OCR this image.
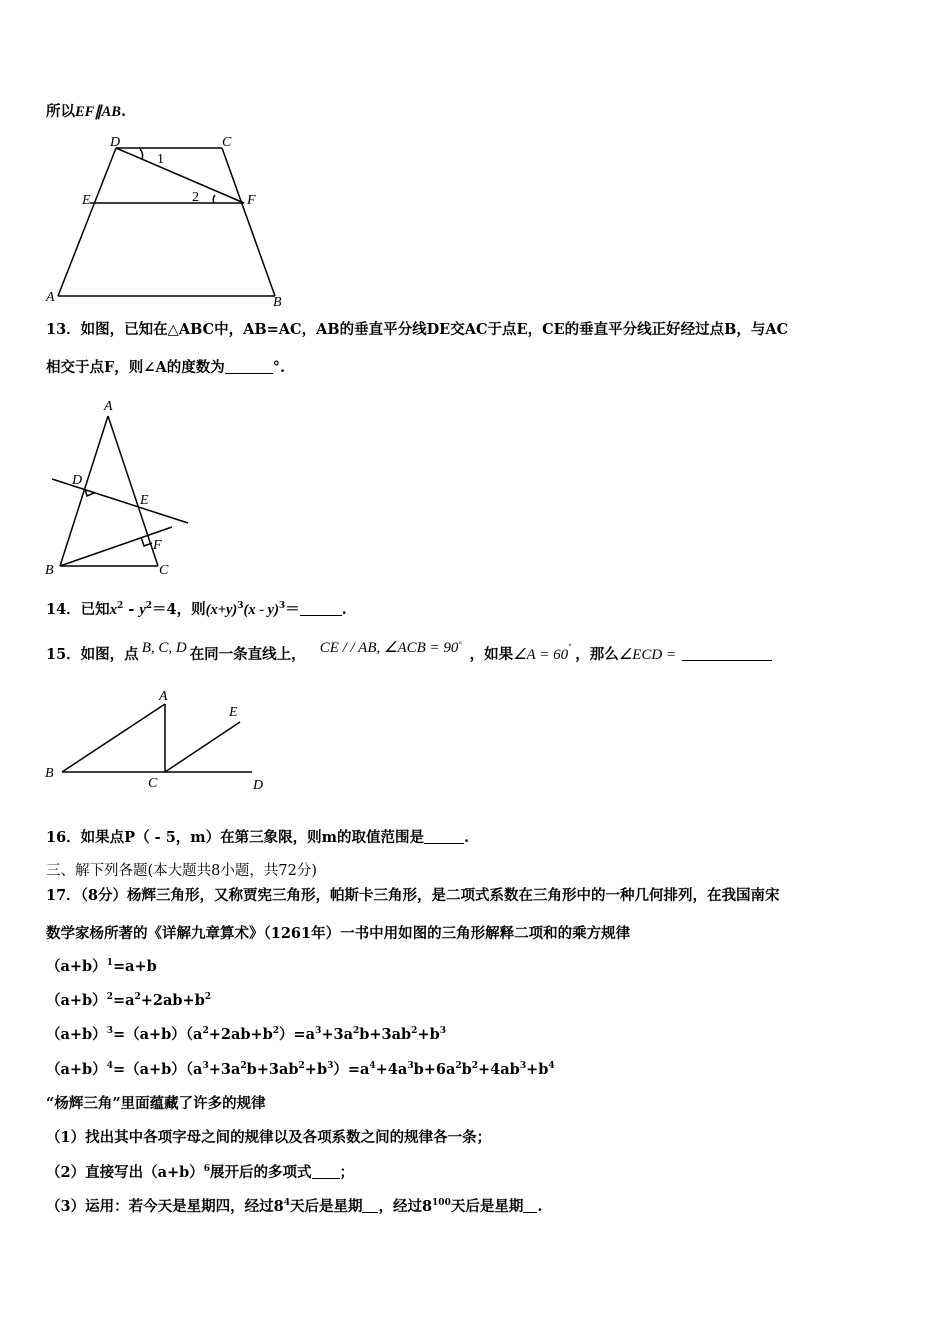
所以EF∥AB.
D	C
E	F
A	B
1
2
13．如图，已知在△ABC中，AB=AC，AB的垂直平分线DE交AC于点E，CE的垂直平分线正好经过点B，与AC
相交于点F，则∠A的度数为	°.
A
D
E
F
B	C
14．已知$x^2 - y^2=4$，则$(x+y)^3(x - y)^3=$	.
15．如图，点 B, C, D 在同一条直线上， CE / / AB, ∠ACB = 90°，如果∠A = 60° ，那么∠ECD =
A
E
B
C	D
16．如果点P（ - 5，m）在第三象限，则m的取值范围是	.
三、解下列各题(本大题共8小题，共72分)
17．（8分）杨辉三角形，又称贾宪三角形，帕斯卡三角形，是二项式系数在三角形中的一种几何排列，在我国南宋
数学家杨所著的《详解九章算术》（1261年）一书中用如图的三角形解释二项和的乘方规律
$(a+b)^1=a+b$
$(a+b)^2=a^2+2ab+b^2$
$(a+b)^3=(a+b)(a^2+2ab+b^2)=a^3+3a^2b+3ab^2+b^3$
$(a+b)^4=(a+b)(a^3+3a^2b+3ab^2+b^3)=a^4+4a^3b+6a^2b^2+4ab^3+b^4$
“杨辉三角”里面蕴藏了许多的规律
（1）找出其中各项字母之间的规律以及各项系数之间的规律各一条；
（2）直接写出$(a+b)^6$展开后的多项式 ；
（3）运用：若今天是星期四，经过$8^4$天后是星期 ，经过$8^{100}$天后是星期 .
